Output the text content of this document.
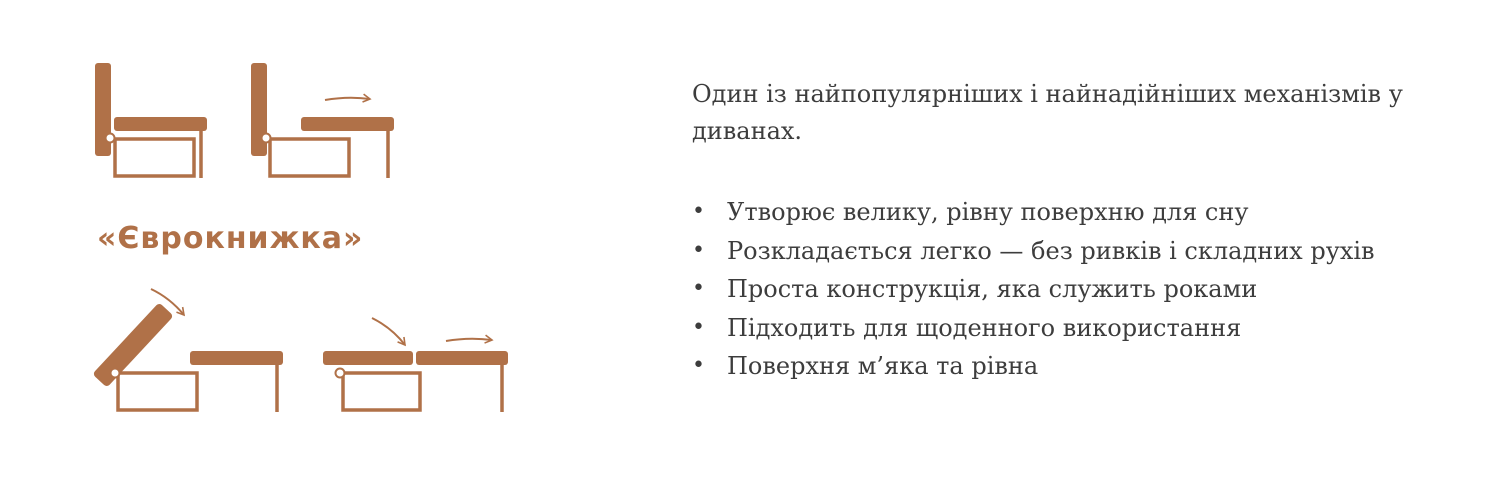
«Єврокнижка»

Один із найпопулярніших і найнадійніших механізмів у диванах.

• Утворює велику, рівну поверхню для сну
• Розкладається легко — без ривків і складних рухів
• Проста конструкція, яка служить роками
• Підходить для щоденного використання
• Поверхня м’яка та рівна
